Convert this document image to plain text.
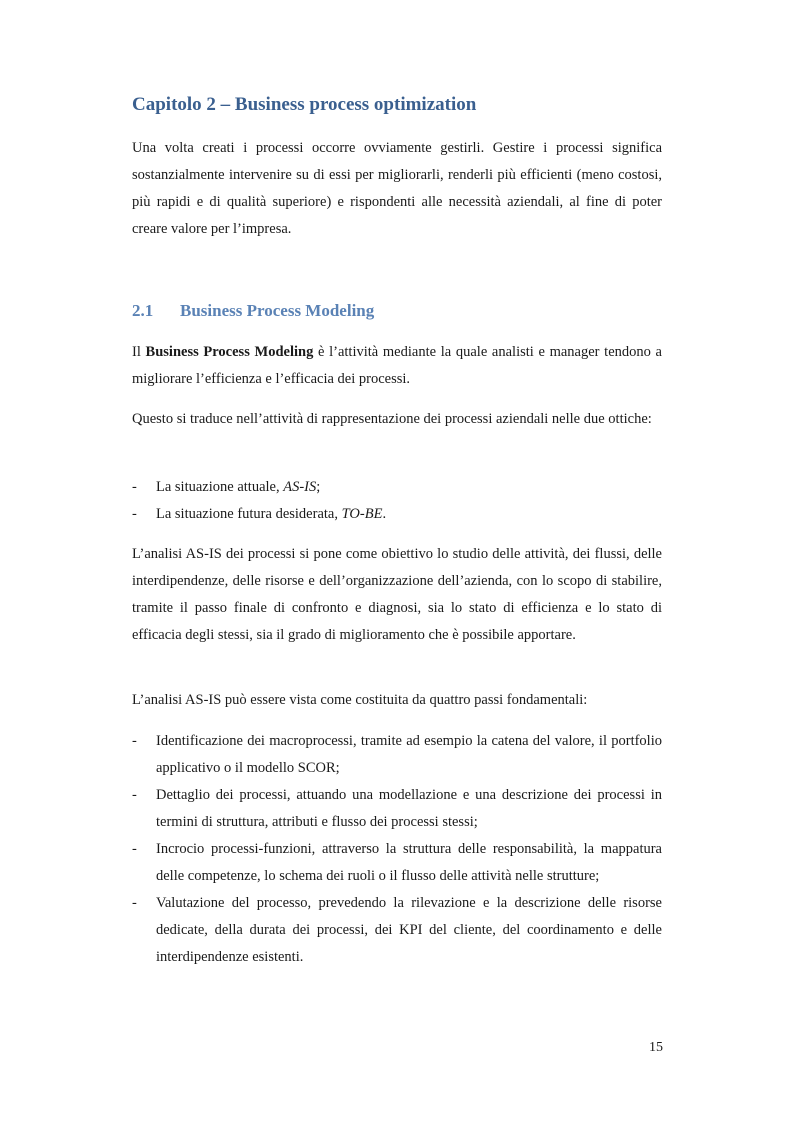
Capitolo 2 – Business process optimization

Una volta creati i processi occorre ovviamente gestirli. Gestire i processi significa sostanzialmente intervenire su di essi per migliorarli, renderli più efficienti (meno costosi, più rapidi e di qualità superiore) e rispondenti alle necessità aziendali, al fine di poter creare valore per l’impresa.

2.1 Business Process Modeling

Il Business Process Modeling è l’attività mediante la quale analisti e manager tendono a migliorare l’efficienza e l’efficacia dei processi.

Questo si traduce nell’attività di rappresentazione dei processi aziendali nelle due ottiche:

- La situazione attuale, AS-IS;
- La situazione futura desiderata, TO-BE.

L’analisi AS-IS dei processi si pone come obiettivo lo studio delle attività, dei flussi, delle interdipendenze, delle risorse e dell’organizzazione dell’azienda, con lo scopo di stabilire, tramite il passo finale di confronto e diagnosi, sia lo stato di efficienza e lo stato di efficacia degli stessi, sia il grado di miglioramento che è possibile apportare.

L’analisi AS-IS può essere vista come costituita da quattro passi fondamentali:

- Identificazione dei macroprocessi, tramite ad esempio la catena del valore, il portfolio applicativo o il modello SCOR;
- Dettaglio dei processi, attuando una modellazione e una descrizione dei processi in termini di struttura, attributi e flusso dei processi stessi;
- Incrocio processi-funzioni, attraverso la struttura delle responsabilità, la mappatura delle competenze, lo schema dei ruoli o il flusso delle attività nelle strutture;
- Valutazione del processo, prevedendo la rilevazione e la descrizione delle risorse dedicate, della durata dei processi, dei KPI del cliente, del coordinamento e delle interdipendenze esistenti.
15
